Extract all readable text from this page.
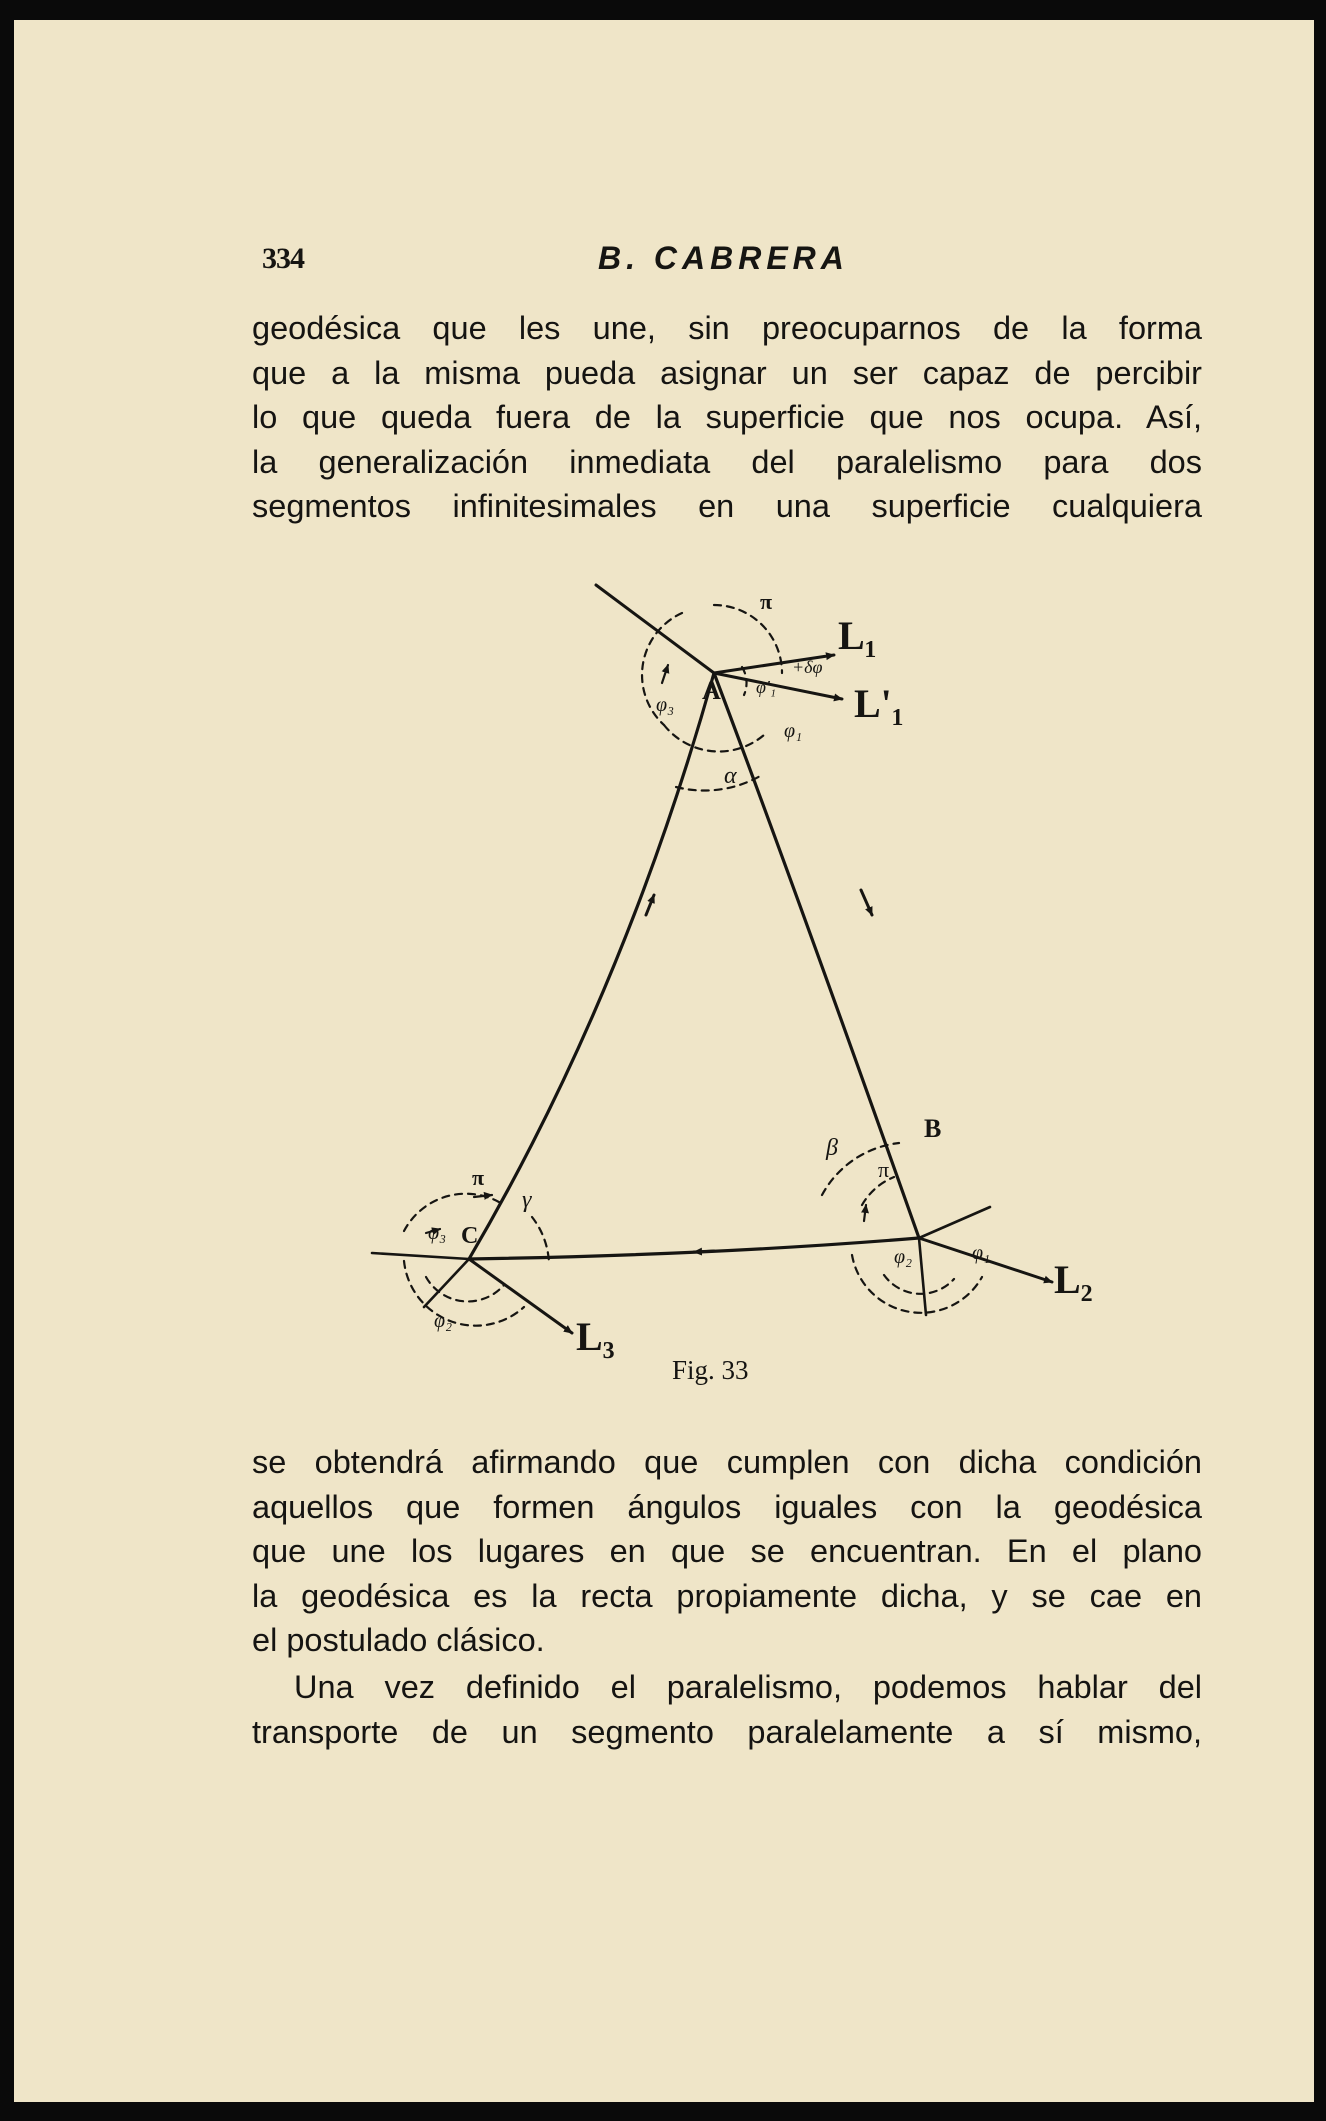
334	B. CABRERA

geodésica que les une, sin preocuparnos de la forma

que a la misma pueda asignar un ser capaz de percibir

lo que queda fuera de la superficie que nos ocupa. Así,

la generalización inmediata del paralelismo para dos

segmentos infinitesimales en una superficie cualquiera

A
B
C
L₁
L'₁
L₂
L₃
π
π
π
α
β
γ
+δφ
φ₃
φ'₁
φ₁
φ₁
φ₂
φ₃
φ₂
Fig. 33

se obtendrá afirmando que cumplen con dicha condición

aquellos que formen ángulos iguales con la geodésica

que une los lugares en que se encuentran. En el plano

la geodésica es la recta propiamente dicha, y se cae en

el postulado clásico.

Una vez definido el paralelismo, podemos hablar del

transporte de un segmento paralelamente a sí mismo,
